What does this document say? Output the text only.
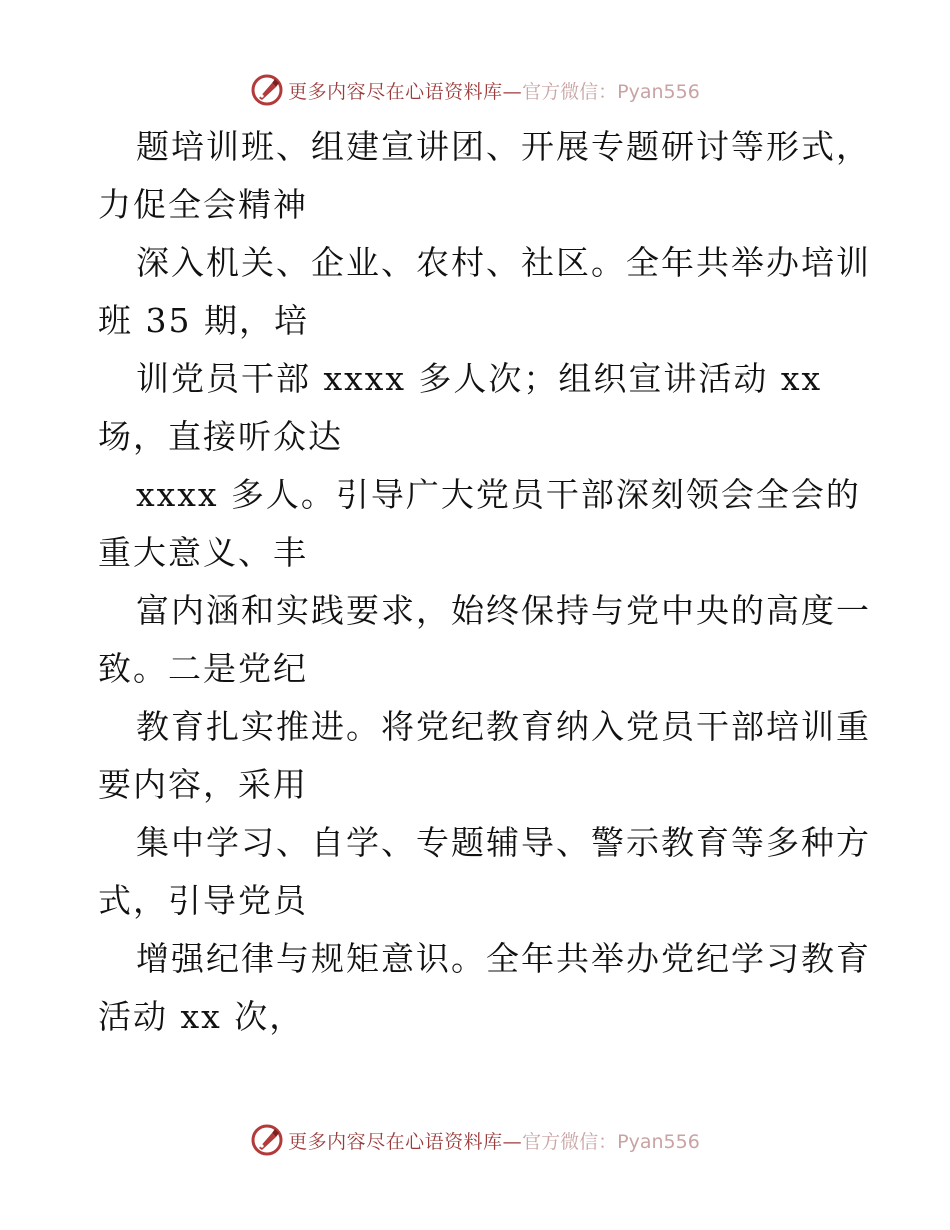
更多内容尽在心语资料库— 官方微信：Pyan556
题培训班、组建宣讲团、开展专题研讨等形式，
力促全会精神
深入机关、企业、农村、社区。全年共举办培训
班 35 期，培
训党员干部 xxxx 多人次；组织宣讲活动 xx
场，直接听众达
xxxx 多人。引导广大党员干部深刻领会全会的
重大意义、丰
富内涵和实践要求，始终保持与党中央的高度一
致。二是党纪
教育扎实推进。将党纪教育纳入党员干部培训重
要内容，采用
集中学习、自学、专题辅导、警示教育等多种方
式，引导党员
增强纪律与规矩意识。全年共举办党纪学习教育
活动 xx 次，
更多内容尽在心语资料库— 官方微信：Pyan556
